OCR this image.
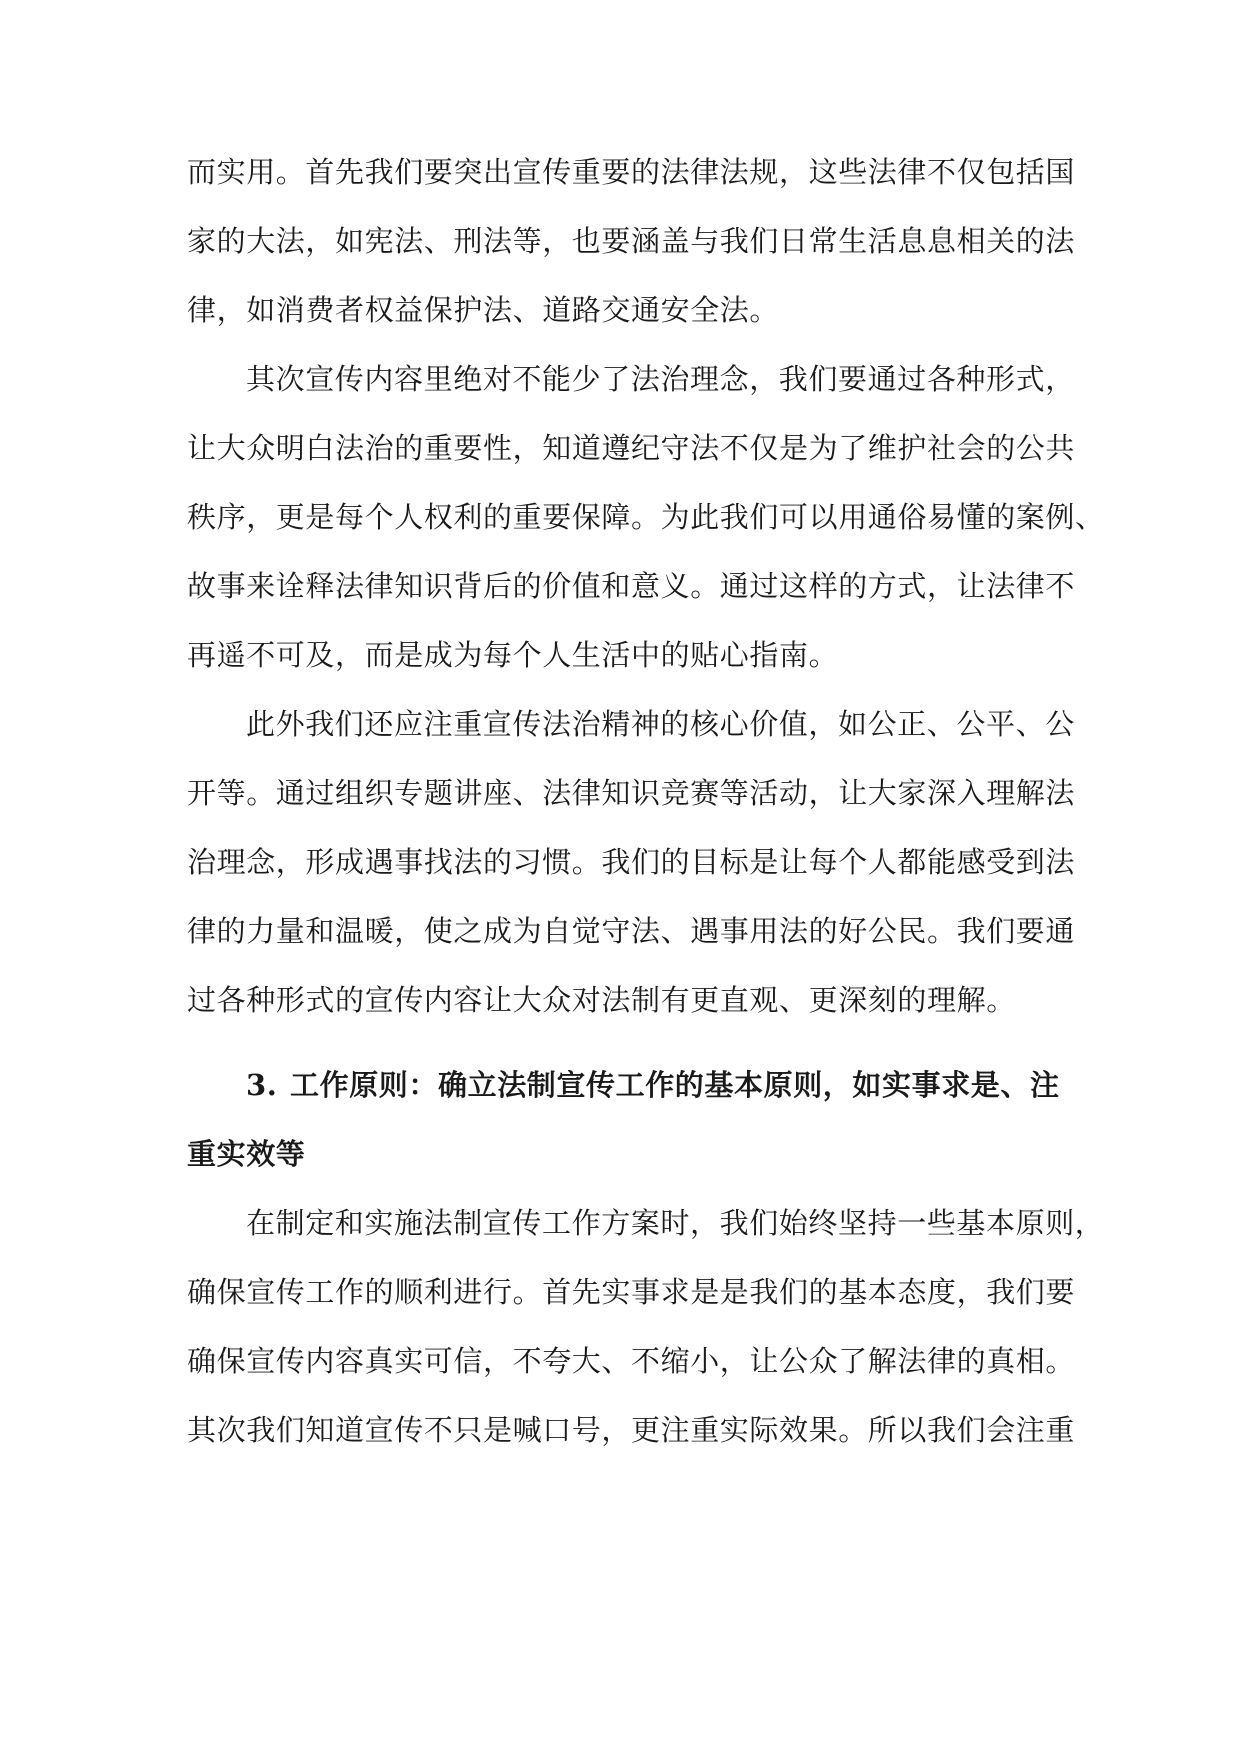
而实用。首先我们要突出宣传重要的法律法规，这些法律不仅包括国
家的大法，如宪法、刑法等，也要涵盖与我们日常生活息息相关的法
律，如消费者权益保护法、道路交通安全法。
其次宣传内容里绝对不能少了法治理念，我们要通过各种形式，
让大众明白法治的重要性，知道遵纪守法不仅是为了维护社会的公共
秩序，更是每个人权利的重要保障。为此我们可以用通俗易懂的案例、
故事来诠释法律知识背后的价值和意义。通过这样的方式，让法律不
再遥不可及，而是成为每个人生活中的贴心指南。
此外我们还应注重宣传法治精神的核心价值，如公正、公平、公
开等。通过组织专题讲座、法律知识竞赛等活动，让大家深入理解法
治理念，形成遇事找法的习惯。我们的目标是让每个人都能感受到法
律的力量和温暖，使之成为自觉守法、遇事用法的好公民。我们要通
过各种形式的宣传内容让大众对法制有更直观、更深刻的理解。
3. 工作原则：确立法制宣传工作的基本原则，如实事求是、注
重实效等
在制定和实施法制宣传工作方案时，我们始终坚持一些基本原则，
确保宣传工作的顺利进行。首先实事求是是我们的基本态度，我们要
确保宣传内容真实可信，不夸大、不缩小，让公众了解法律的真相。
其次我们知道宣传不只是喊口号，更注重实际效果。所以我们会注重
